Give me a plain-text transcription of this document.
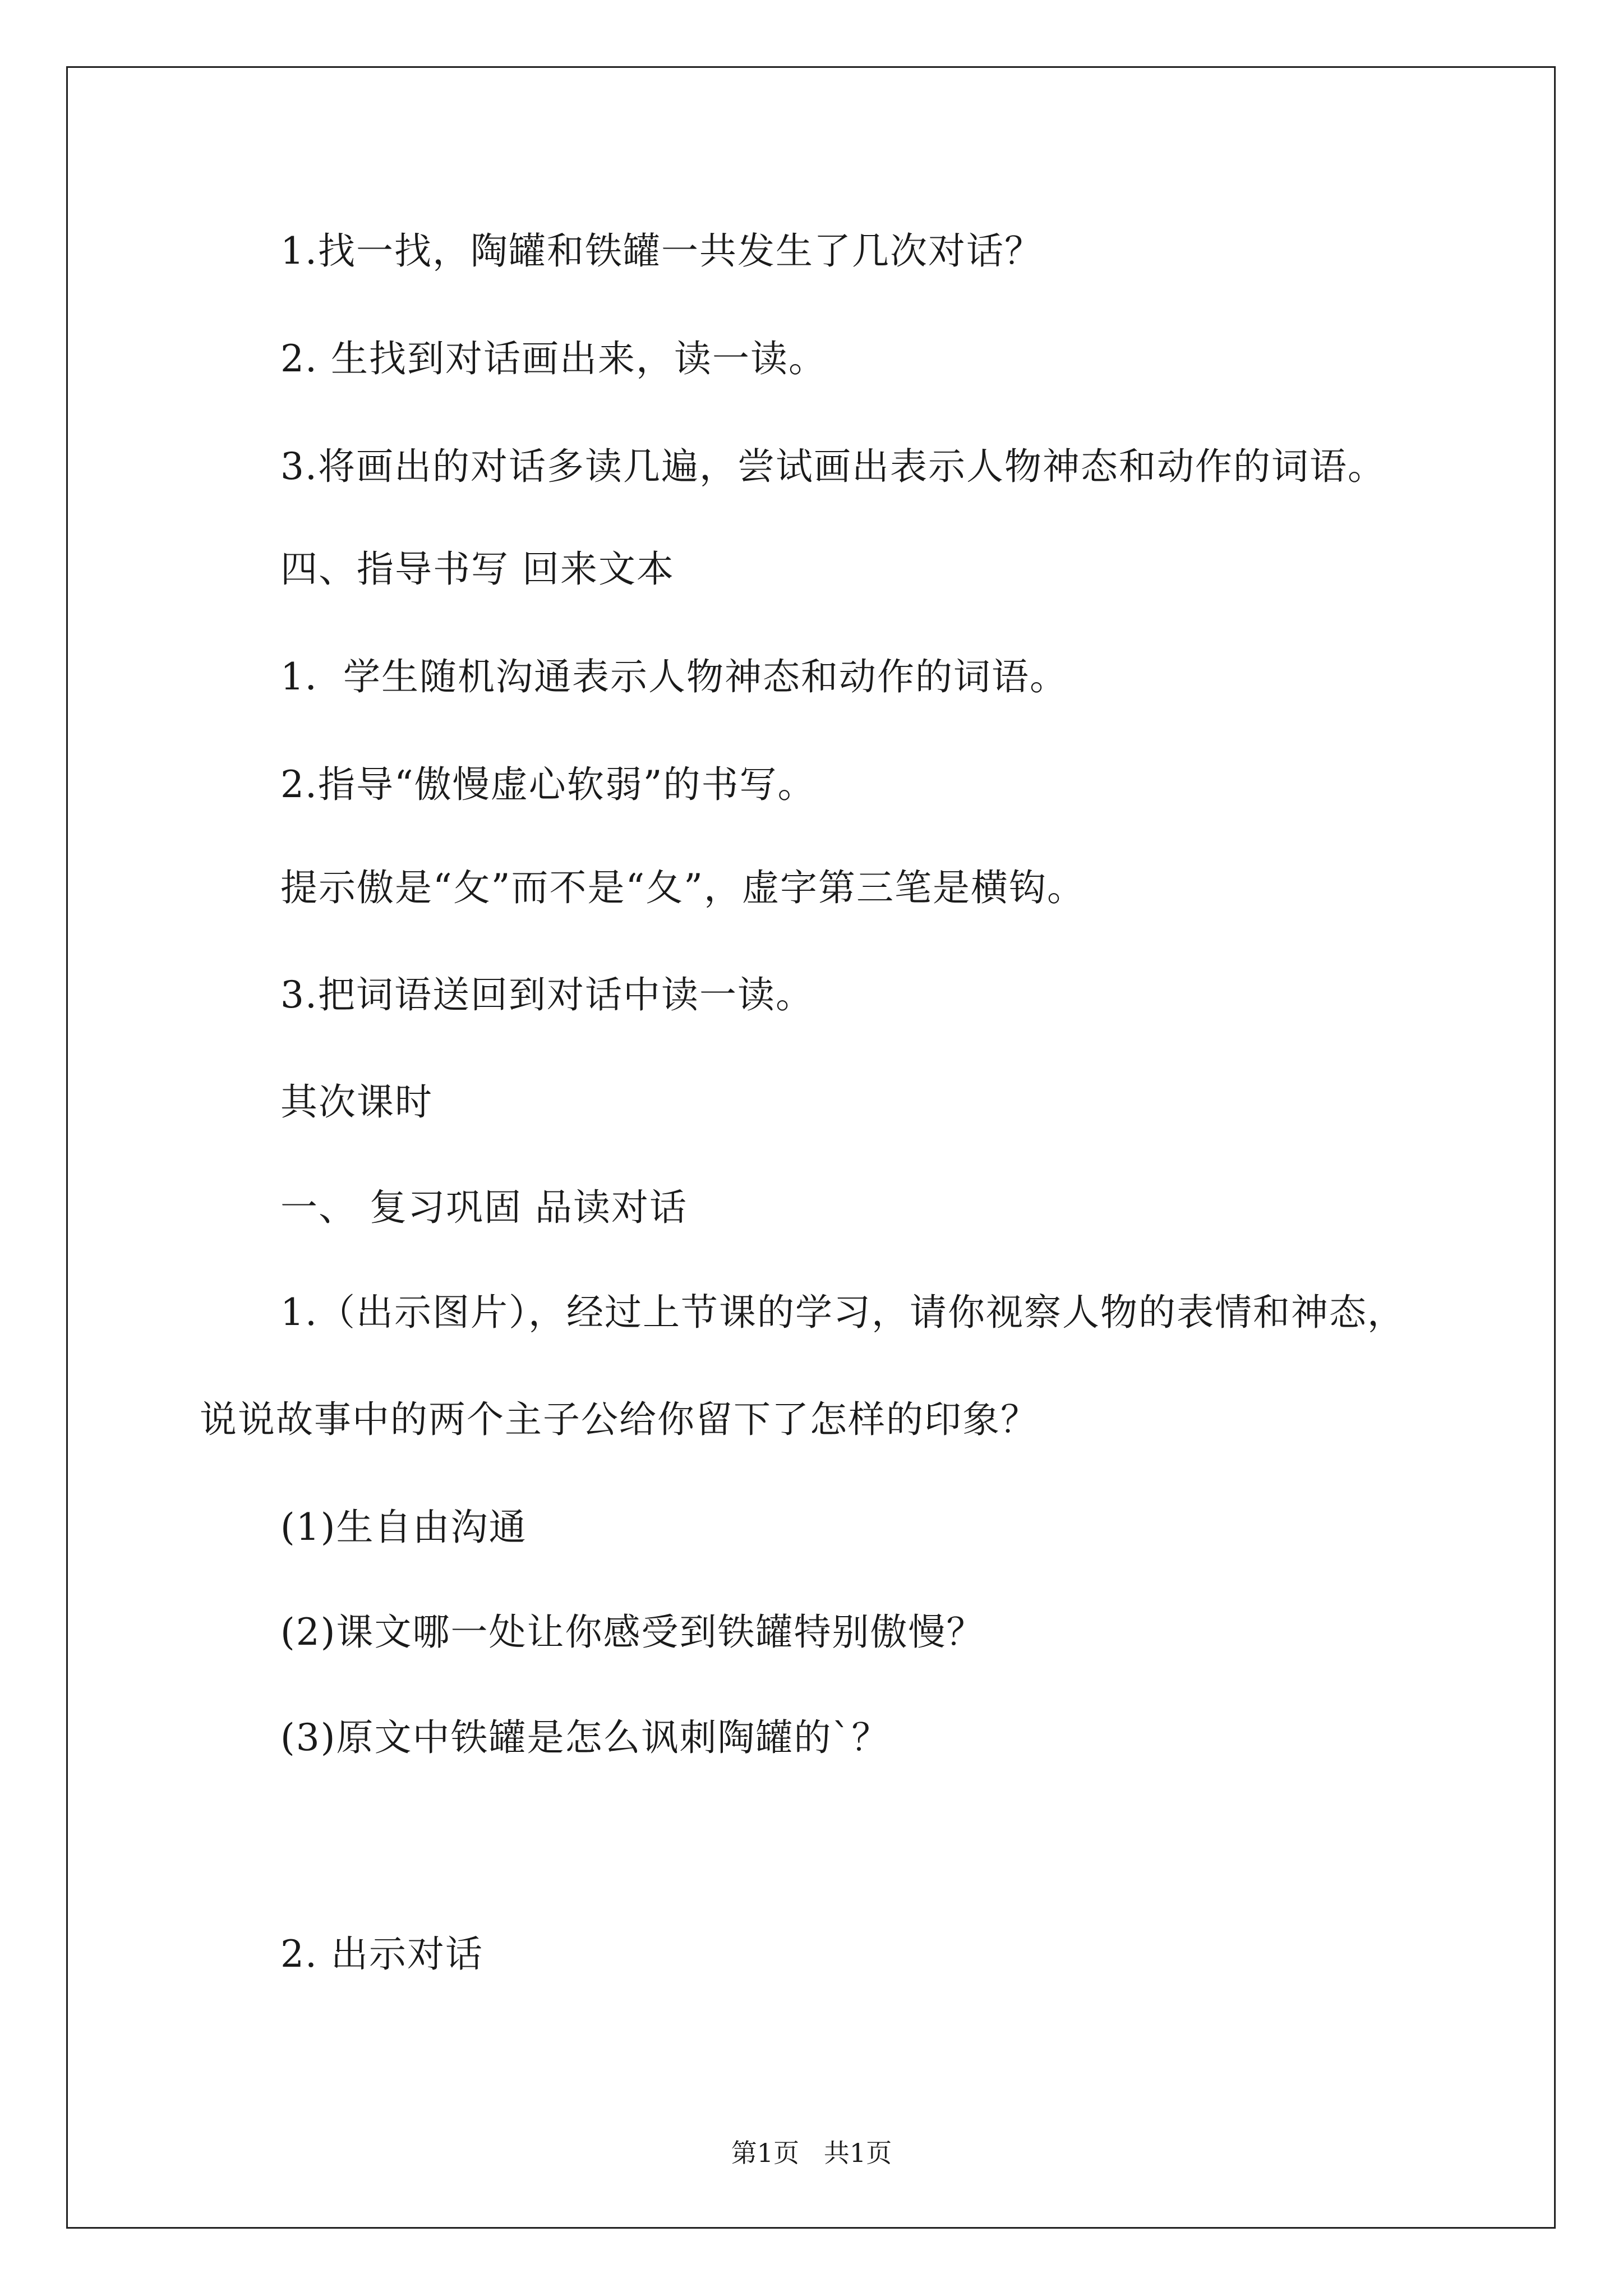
1.找一找，陶罐和铁罐一共发生了几次对话？
2. 生找到对话画出来，读一读。
3.将画出的对话多读几遍，尝试画出表示人物神态和动作的词语。
四、指导书写 回来文本
1．学生随机沟通表示人物神态和动作的词语。
2.指导“傲慢虚心软弱”的书写。
提示傲是“攵”而不是“夂”，虚字第三笔是横钩。
3.把词语送回到对话中读一读。
其次课时
一、 复习巩固 品读对话
1.（出示图片），经过上节课的学习，请你视察人物的表情和神态，
说说故事中的两个主子公给你留下了怎样的印象？
(1)生自由沟通
(2)课文哪一处让你感受到铁罐特别傲慢？
(3)原文中铁罐是怎么讽刺陶罐的`？
2. 出示对话
第1页   共1页
